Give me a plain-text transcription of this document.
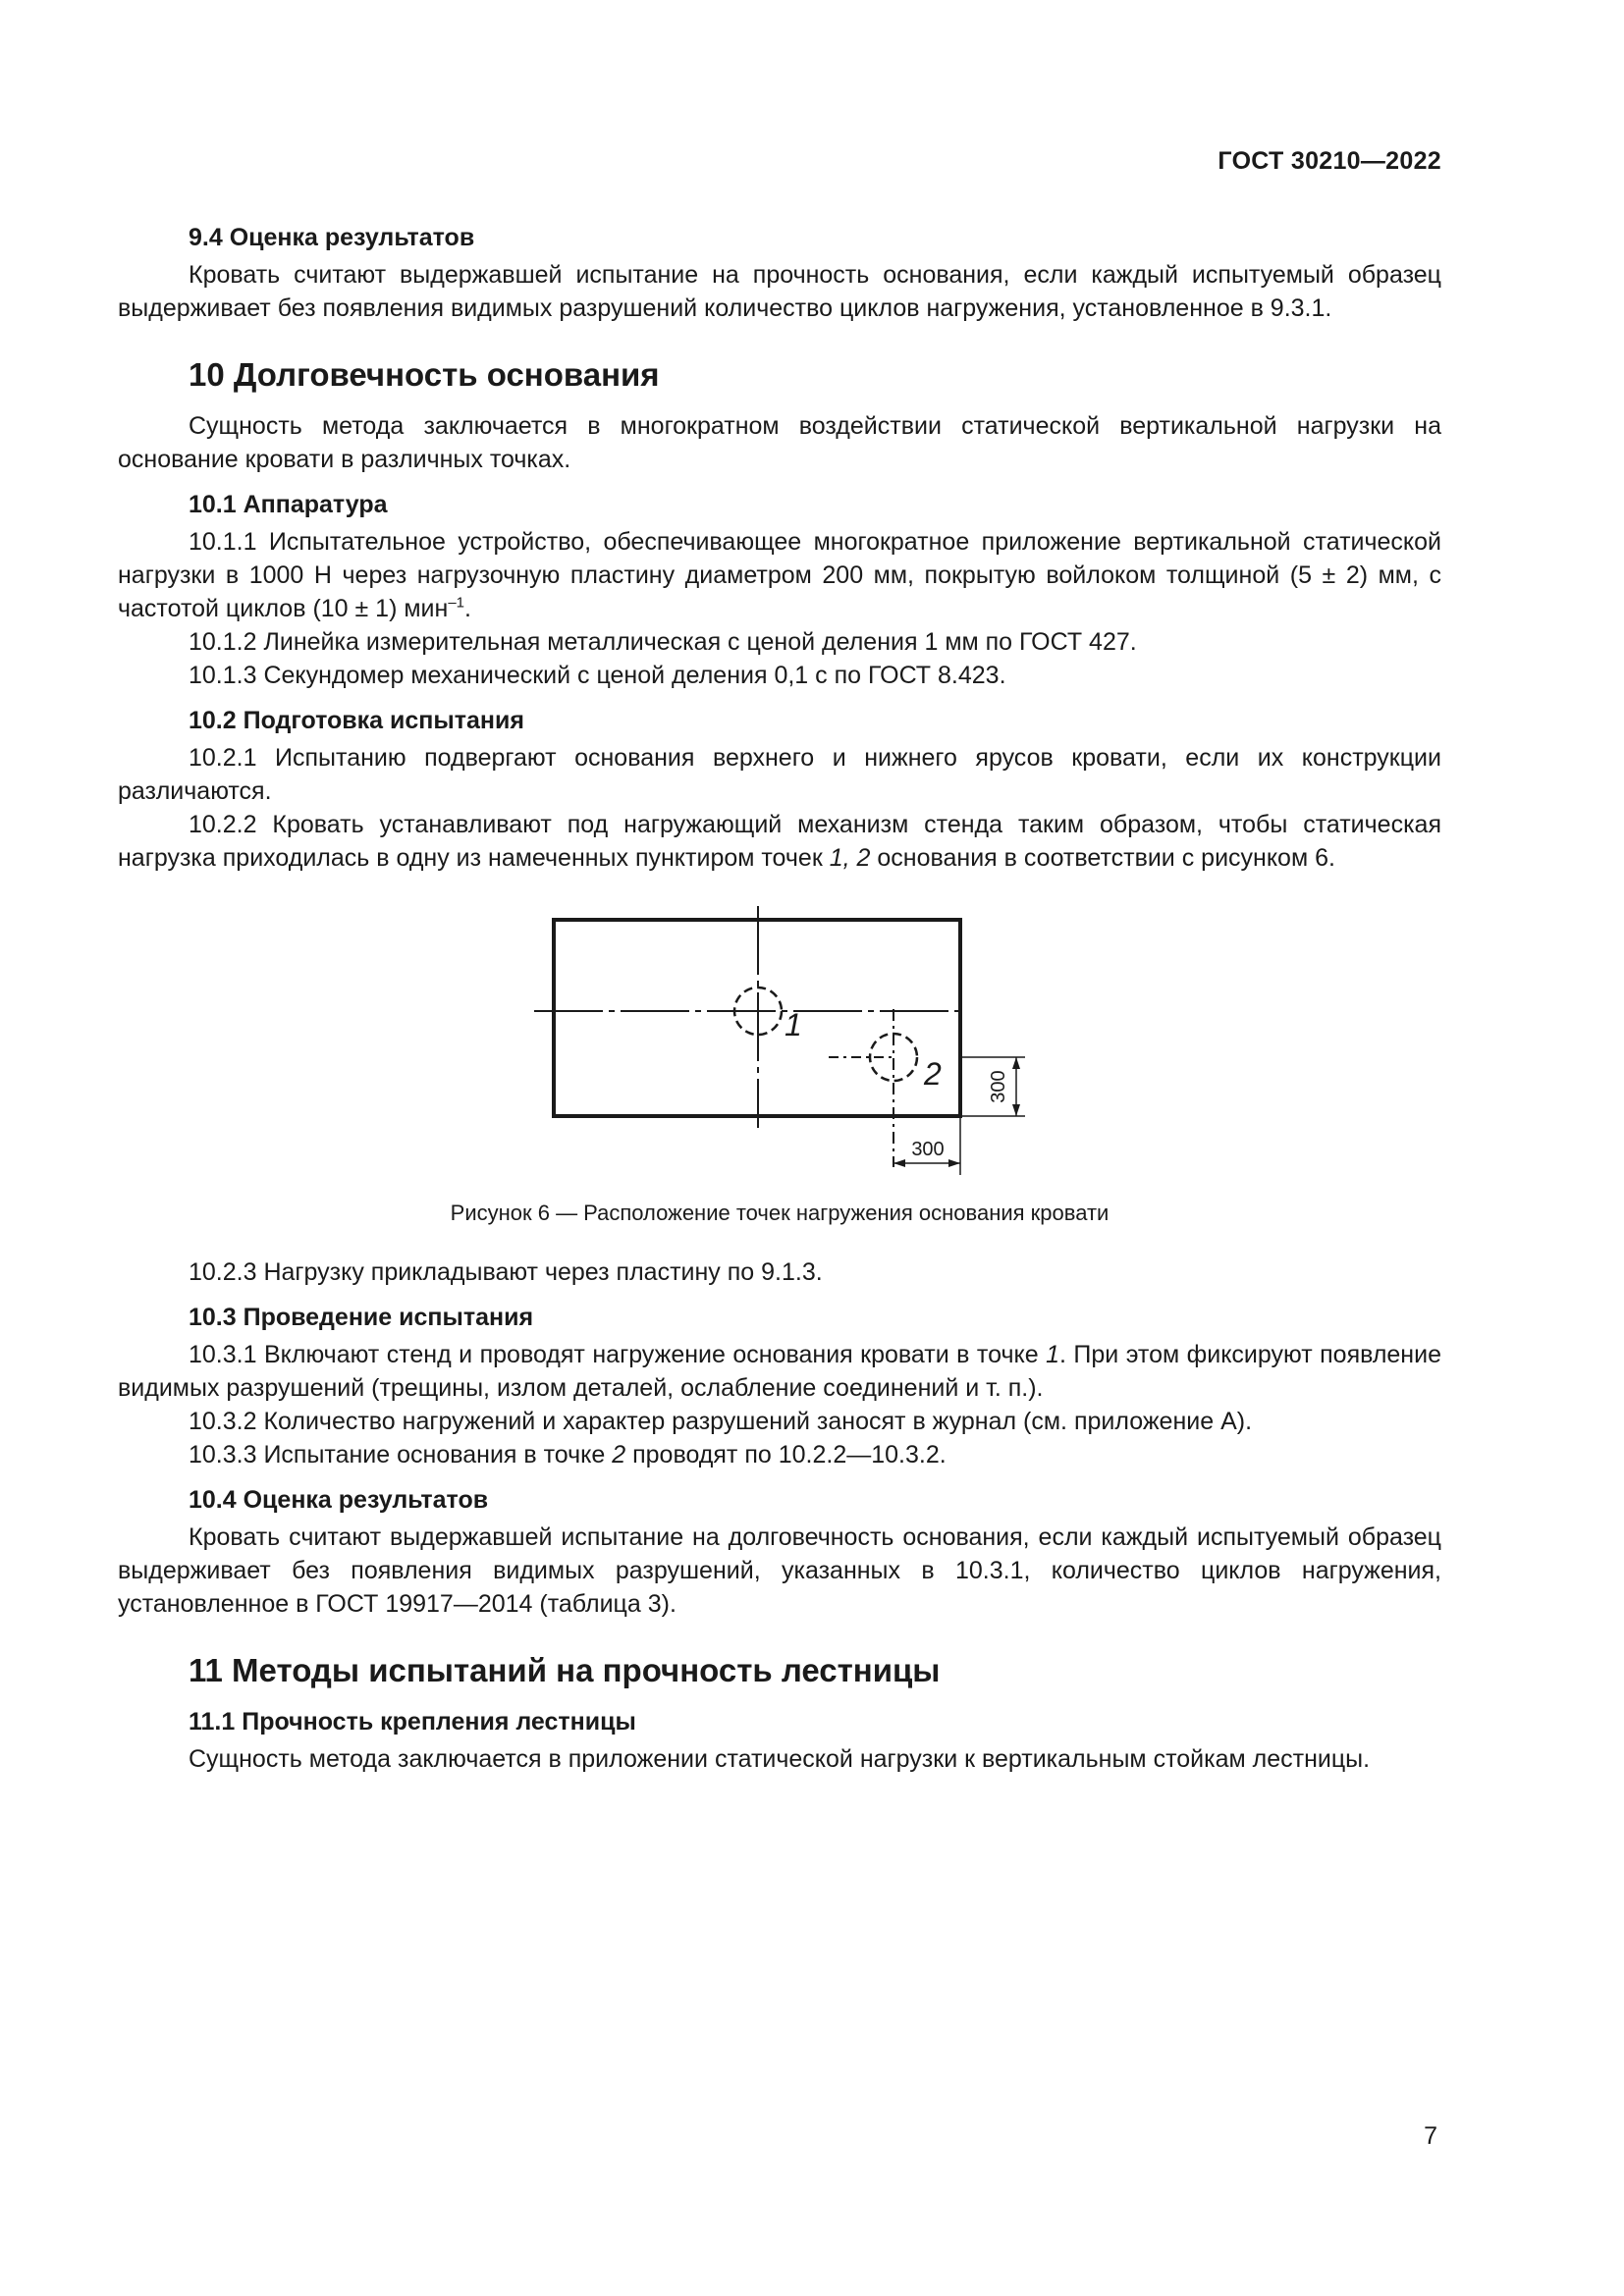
ГОСТ 30210—2022
9.4 Оценка результатов

Кровать считают выдержавшей испытание на прочность основания, если каждый испытуемый образец выдерживает без появления видимых разрушений количество циклов нагружения, установленное в 9.3.1.

10 Долговечность основания

Сущность метода заключается в многократном воздействии статической вертикальной нагрузки на основание кровати в различных точках.

10.1 Аппаратура

10.1.1 Испытательное устройство, обеспечивающее многократное приложение вертикальной статической нагрузки в 1000 Н через нагрузочную пластину диаметром 200 мм, покрытую войлоком толщиной (5 ± 2) мм, с частотой циклов (10 ± 1) мин$^{-1}$.

10.1.2 Линейка измерительная металлическая с ценой деления 1 мм по ГОСТ 427.

10.1.3 Секундомер механический с ценой деления 0,1 с по ГОСТ 8.423.

10.2 Подготовка испытания

10.2.1 Испытанию подвергают основания верхнего и нижнего ярусов кровати, если их конструкции различаются.

10.2.2 Кровать устанавливают под нагружающий механизм стенда таким образом, чтобы статическая нагрузка приходилась в одну из намеченных пунктиром точек 1, 2 основания в соответствии с рисунком 6.

1
2 300
300
Рисунок 6 — Расположение точек нагружения основания кровати

10.2.3 Нагрузку прикладывают через пластину по 9.1.3.

10.3 Проведение испытания

10.3.1 Включают стенд и проводят нагружение основания кровати в точке 1. При этом фиксируют появление видимых разрушений (трещины, излом деталей, ослабление соединений и т. п.).

10.3.2 Количество нагружений и характер разрушений заносят в журнал (см. приложение А).

10.3.3 Испытание основания в точке 2 проводят по 10.2.2—10.3.2.

10.4 Оценка результатов

Кровать считают выдержавшей испытание на долговечность основания, если каждый испытуемый образец выдерживает без появления видимых разрушений, указанных в 10.3.1, количество циклов нагружения, установленное в ГОСТ 19917—2014 (таблица 3).

11 Методы испытаний на прочность лестницы
11.1 Прочность крепления лестницы

Сущность метода заключается в приложении статической нагрузки к вертикальным стойкам лестницы.

7
